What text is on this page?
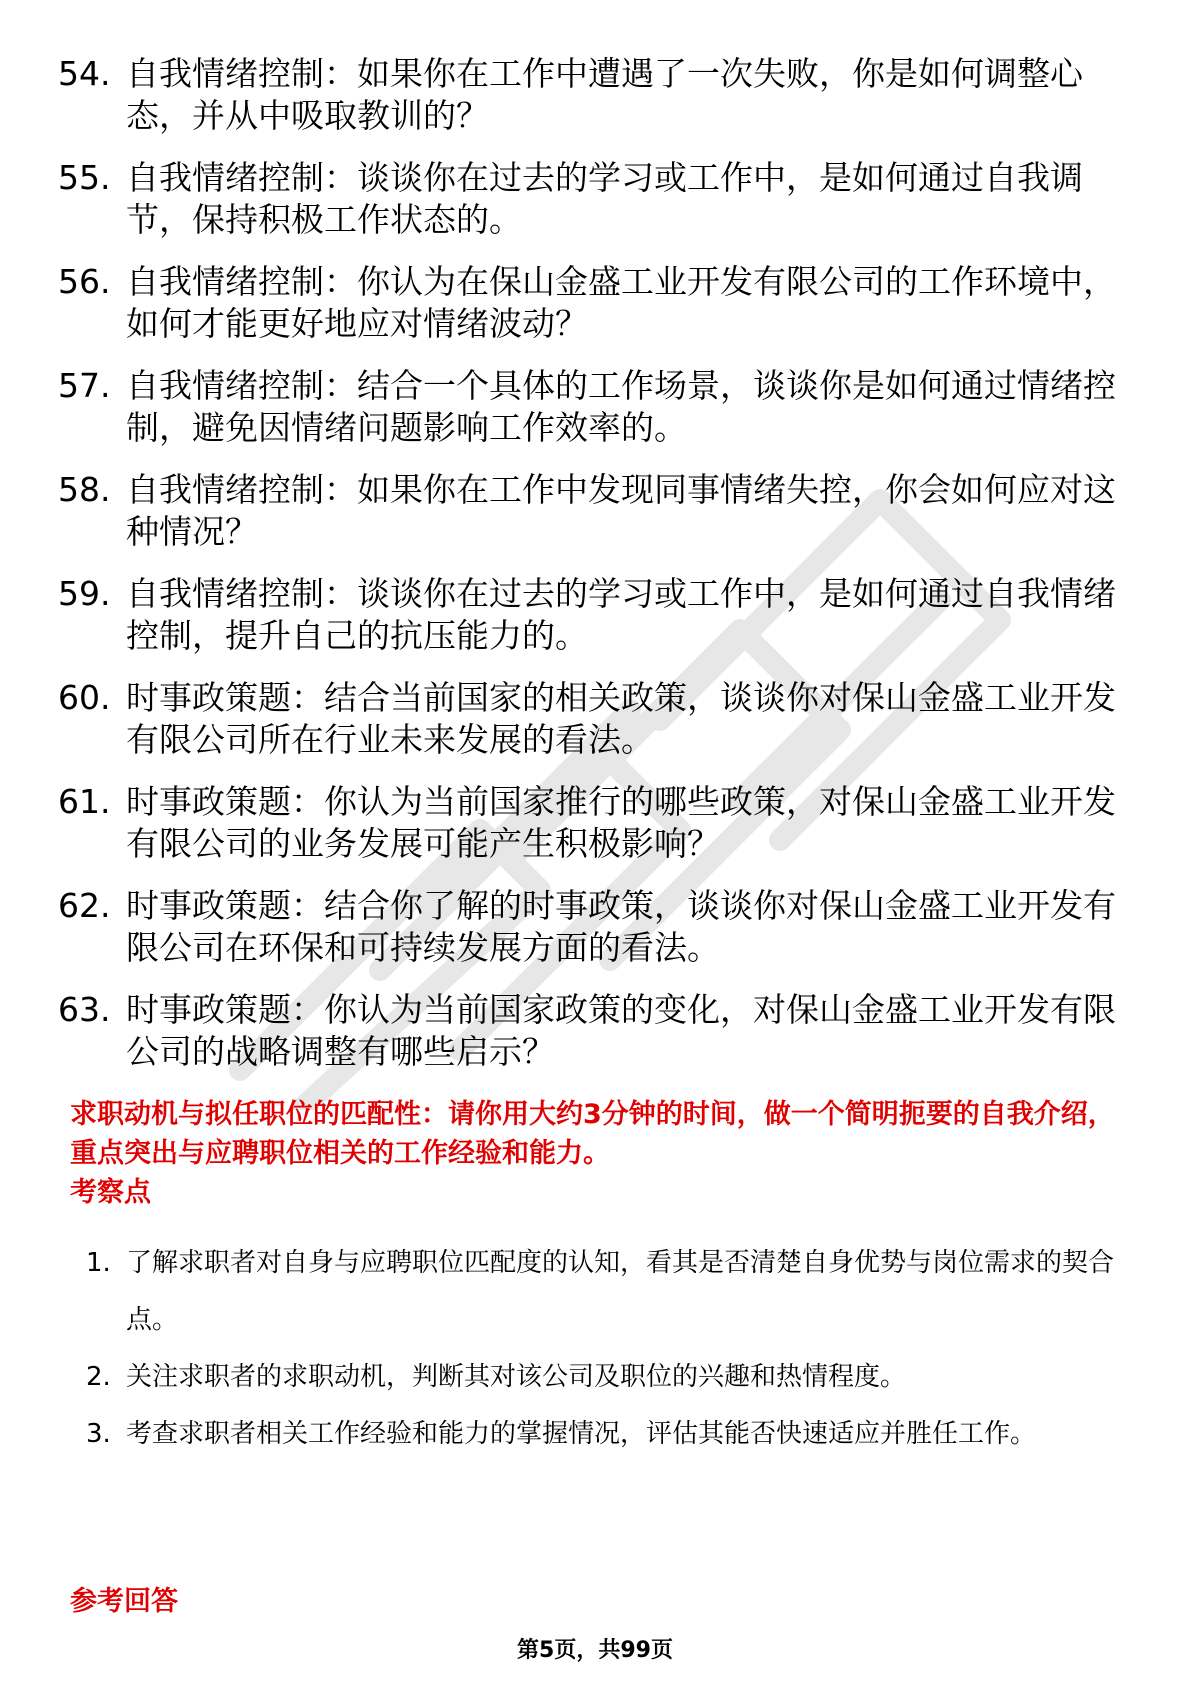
54. 自我情绪控制：如果你在工作中遭遇了一次失败，你是如何调整心态，并从中吸取教训的？
55. 自我情绪控制：谈谈你在过去的学习或工作中，是如何通过自我调节，保持积极工作状态的。
56. 自我情绪控制：你认为在保山金盛工业开发有限公司的工作环境中，如何才能更好地应对情绪波动？
57. 自我情绪控制：结合一个具体的工作场景，谈谈你是如何通过情绪控制，避免因情绪问题影响工作效率的。
58. 自我情绪控制：如果你在工作中发现同事情绪失控，你会如何应对这种情况？
59. 自我情绪控制：谈谈你在过去的学习或工作中，是如何通过自我情绪控制，提升自己的抗压能力的。
60. 时事政策题：结合当前国家的相关政策，谈谈你对保山金盛工业开发有限公司所在行业未来发展的看法。
61. 时事政策题：你认为当前国家推行的哪些政策，对保山金盛工业开发有限公司的业务发展可能产生积极影响？
62. 时事政策题：结合你了解的时事政策，谈谈你对保山金盛工业开发有限公司在环保和可持续发展方面的看法。
63. 时事政策题：你认为当前国家政策的变化，对保山金盛工业开发有限公司的战略调整有哪些启示？

求职动机与拟任职位的匹配性：请你用大约3分钟的时间，做一个简明扼要的自我介绍，重点突出与应聘职位相关的工作经验和能力。

考察点
1. 了解求职者对自身与应聘职位匹配度的认知，看其是否清楚自身优势与岗位需求的契合点。
2. 关注求职者的求职动机，判断其对该公司及职位的兴趣和热情程度。
3. 考查求职者相关工作经验和能力的掌握情况，评估其能否快速适应并胜任工作。
参考回答
第5页，共99页
